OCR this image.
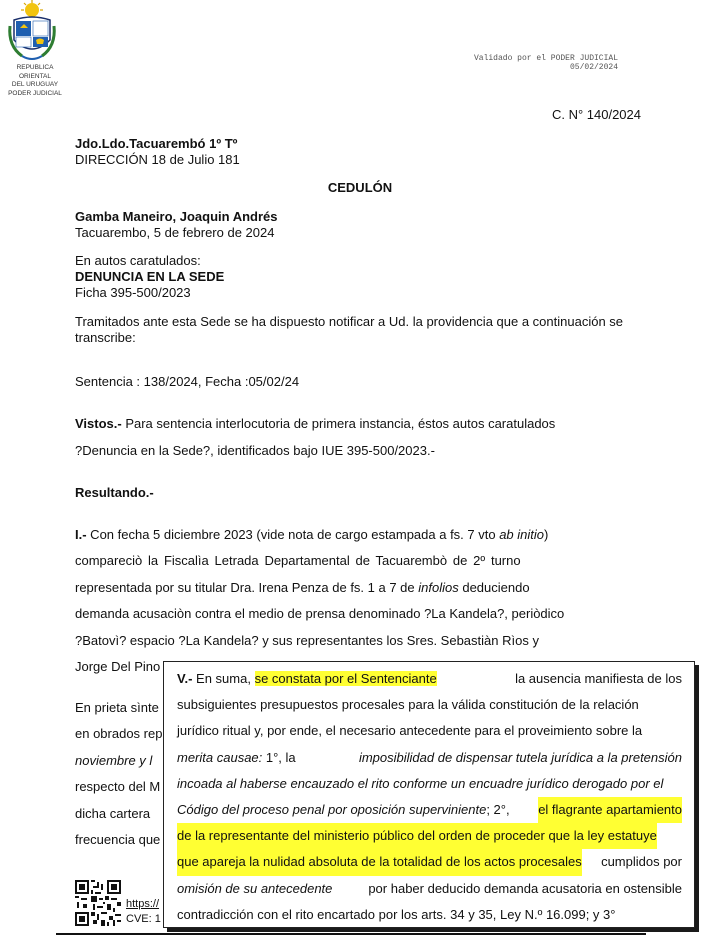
REPUBLICA ORIENTAL
DEL URUGUAY
PODER JUDICIAL
Validado por el PODER JUDICIAL
05/02/2024
C. N° 140/2024
Jdo.Ldo.Tacuarembó 1º Tº
DIRECCIÓN 18 de Julio 181
CEDULÓN
Gamba Maneiro, Joaquin Andrés
Tacuarembo, 5 de febrero de 2024
En autos caratulados:
DENUNCIA EN LA SEDE
Ficha 395-500/2023
Tramitados ante esta Sede se ha dispuesto notificar a Ud. la providencia que a continuación se
transcribe:
Sentencia : 138/2024, Fecha :05/02/24
Vistos.- Para sentencia interlocutoria de primera instancia, éstos autos caratulados
?Denuncia en la Sede?, identificados bajo IUE 395-500/2023.-
Resultando.-
I.- Con fecha 5 diciembre 2023 (vide nota de cargo estampada a fs. 7 vto ab initio)
compareciò la Fiscalìa Letrada Departamental de Tacuarembò de 2º turno
representada por su titular Dra. Irena Penza de fs. 1 a 7 de infolios deduciendo
demanda acusaciòn contra el medio de prensa denominado ?La Kandela?, periòdico
?Batovì? espacio ?La Kandela? y sus representantes los Sres. Sebastiàn Rìos y
Jorge Del Pino
En prieta sìnte
en obrados rep
noviembre y l
respecto del M
dicha cartera
frecuencia que
https://
CVE: 1
V.- En suma, se constata por el Sentenciante	la ausencia manifiesta de los
subsiguientes presupuestos procesales para la válida constitución de la relación
jurídico ritual y, por ende, el necesario antecedente para el proveimiento sobre la
merita causae: 1°, la	imposibilidad de dispensar tutela jurídica a la pretensión
incoada al haberse encauzado el rito conforme un encuadre jurídico derogado por el
Código del proceso penal por oposición superviniente; 2°, el flagrante apartamiento
de la representante del ministerio público del orden de proceder que la ley estatuye
que apareja la nulidad absoluta de la totalidad de los actos procesales cumplidos por
omisión de su antecedente por haber deducido demanda acusatoria en ostensible
contradicción con el rito encartado por los arts. 34 y 35, Ley N.º 16.099; y 3°
